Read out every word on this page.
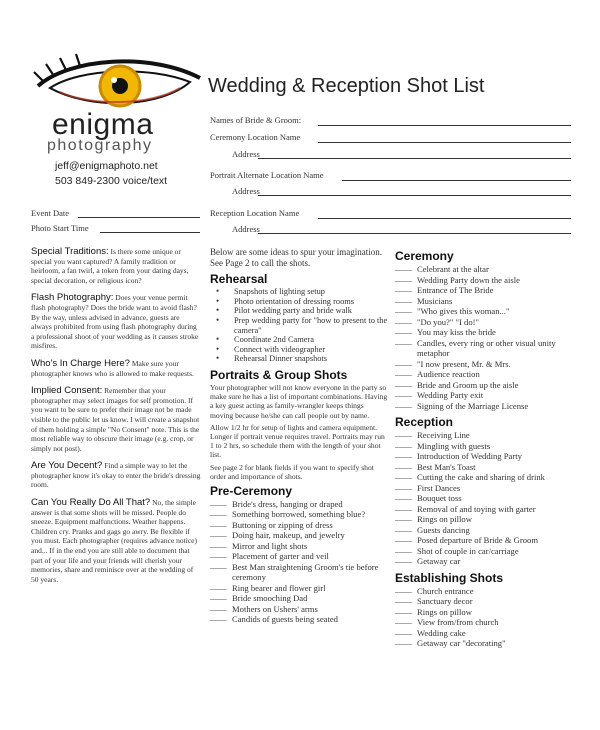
enigma
photography
jeff@enigmaphoto.net
503 849-2300 voice/text
Wedding & Reception Shot List
Names of Bride & Groom:
Ceremony Location Name
Address
Portrait Alternate Location Name
Address
Reception Location Name
Address
Event Date
Photo Start Time

Special Traditions: Is there some unique or special you want captured? A family tradition or heirloom, a fan twirl, a token from your dating days, special decoration, or religious icon?

Flash Photography: Does your venue permit flash photography? Does the bride want to avoid flash? By the way, unless advised in advance, guests are always prohibited from using flash photography during a professional shoot of your wedding as it causes stroke misfires.

Who's In Charge Here? Make sure your photographer knows who is allowed to make requests.

Implied Consent: Remember that your photographer may select images for self promotion. If you want to be sure to prefer their image not be made visible to the public let us know. I will create a snapshot of them holding a simple "No Consent" note. This is the most reliable way to obscure their image (e.g. crop, or simply not post).

Are You Decent? Find a simple way to let the photographer know it's okay to enter the bride's dressing room.

Can You Really Do All That? No, the simple answer is that some shots will be missed. People do sneeze. Equipment malfunctions. Weather happens. Children cry. Pranks and gags go awry. Be flexible if you must. Each photographer (requires advance notice) and... If in the end you are still able to document that part of your life and your friends will cherish your memories, share and reminisce over at the wedding of 50 years.

Below are some ideas to spur your imagination. See Page 2 to call the shots.

Rehearsal
• Snapshots of lighting setup
• Photo orientation of dressing rooms
• Pilot wedding party and bride walk
• Prep wedding party for "how to present to the camera"
• Coordinate 2nd Camera
• Connect with videographer
• Rehearsal Dinner snapshots
Portraits & Group Shots

Your photographer will not know everyone in the party so make sure he has a list of important combinations. Having a key guest acting as family-wrangler keeps things moving because he/she can call people out by name.

Allow 1/2 hr for setup of lights and camera equipment. Longer if portrait venue requires travel. Portraits may run 1 to 2 hrs, so schedule them with the length of your shot list.

See page 2 for blank fields if you want to specify shot order and importance of shots.

Pre-Ceremony
—— Bride's dress, hanging or draped
—— Something borrowed, something blue?
—— Buttoning or zipping of dress
—— Doing hair, makeup, and jewelry
—— Mirror and light shots
—— Placement of garter and veil
—— Best Man straightening Groom's tie before ceremony
—— Ring bearer and flower girl
—— Bride smooching Dad
—— Mothers on Ushers' arms
—— Candids of guests being seated
Ceremony
—— Celebrant at the altar
—— Wedding Party down the aisle
—— Entrance of The Bride
—— Musicians
—— "Who gives this woman..."
—— "Do you?" "I do!"
—— You may kiss the bride
—— Candles, every ring or other visual unity metaphor
—— "I now present, Mr. & Mrs.
—— Audience reaction
—— Bride and Groom up the aisle
—— Wedding Party exit
—— Signing of the Marriage License
Reception
—— Receiving Line
—— Mingling with guests
—— Introduction of Wedding Party
—— Best Man's Toast
—— Cutting the cake and sharing of drink
—— First Dances
—— Bouquet toss
—— Removal of and toying with garter
—— Rings on pillow
—— Guests dancing
—— Posed departure of Bride & Groom
—— Shot of couple in car/carriage
—— Getaway car
Establishing Shots
—— Church entrance
—— Sanctuary decor
—— Rings on pillow
—— View from/from church
—— Wedding cake
—— Getaway car "decorating"
